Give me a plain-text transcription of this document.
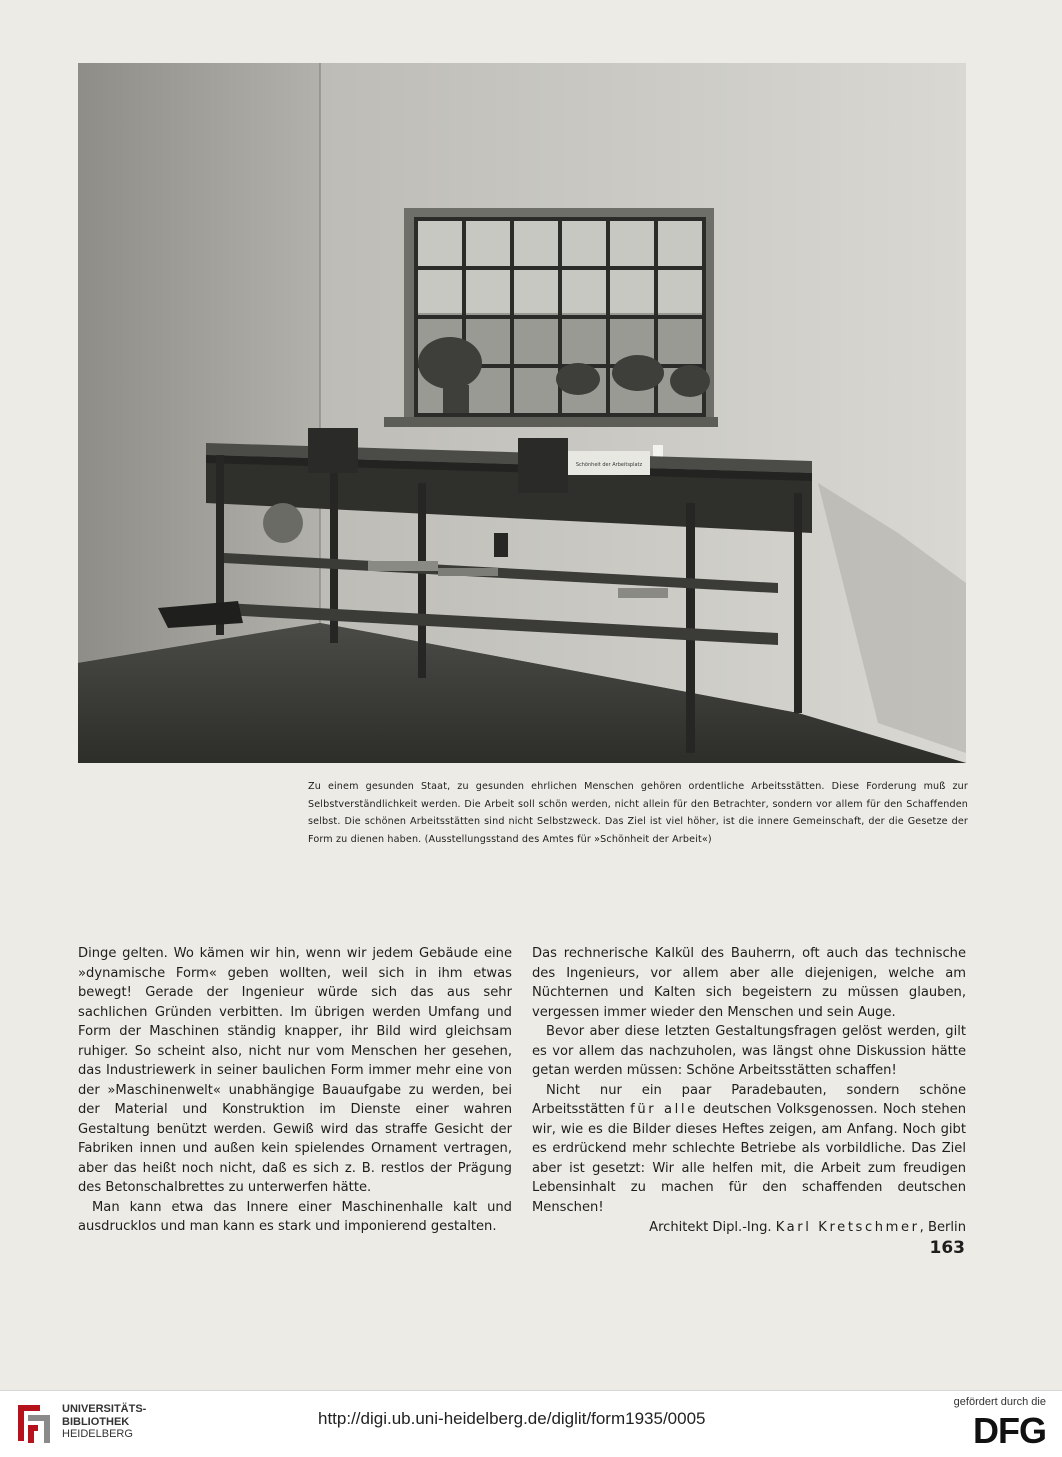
Schönheit der Arbeitsplatz
Zu einem gesunden Staat, zu gesunden ehrlichen Menschen gehören ordentliche Arbeitsstätten. Diese Forderung muß zur Selbstverständlichkeit werden. Die Arbeit soll schön werden, nicht allein für den Betrachter, sondern vor allem für den Schaffenden selbst. Die schönen Arbeitsstätten sind nicht Selbstzweck. Das Ziel ist viel höher, ist die innere Gemeinschaft, der die Gesetze der Form zu dienen haben. (Ausstellungsstand des Amtes für »Schönheit der Arbeit«)

Dinge gelten. Wo kämen wir hin, wenn wir jedem Gebäude eine »dynamische Form« geben wollten, weil sich in ihm etwas bewegt! Gerade der Ingenieur würde sich das aus sehr sachlichen Gründen verbitten. Im übrigen werden Umfang und Form der Maschinen ständig knapper, ihr Bild wird gleichsam ruhiger. So scheint also, nicht nur vom Menschen her gesehen, das Industriewerk in seiner baulichen Form immer mehr eine von der »Maschinenwelt« unabhängige Bauaufgabe zu werden, bei der Material und Konstruktion im Dienste einer wahren Gestaltung benützt werden. Gewiß wird das straffe Gesicht der Fabriken innen und außen kein spielendes Ornament vertragen, aber das heißt noch nicht, daß es sich z. B. restlos der Prägung des Betonschalbrettes zu unterwerfen hätte.

Man kann etwa das Innere einer Maschinenhalle kalt und ausdrucklos und man kann es stark und imponierend gestalten.

Das rechnerische Kalkül des Bauherrn, oft auch das technische des Ingenieurs, vor allem aber alle diejenigen, welche am Nüchternen und Kalten sich begeistern zu müssen glauben, vergessen immer wieder den Menschen und sein Auge.

Bevor aber diese letzten Gestaltungsfragen gelöst werden, gilt es vor allem das nachzuholen, was längst ohne Diskussion hätte getan werden müssen: Schöne Arbeitsstätten schaffen!

Nicht nur ein paar Paradebauten, sondern schöne Arbeitsstätten für alle deutschen Volksgenossen. Noch stehen wir, wie es die Bilder dieses Heftes zeigen, am Anfang. Noch gibt es erdrückend mehr schlechte Betriebe als vorbildliche. Das Ziel aber ist gesetzt: Wir alle helfen mit, die Arbeit zum freudigen Lebensinhalt zu machen für den schaffenden deutschen Menschen!

Architekt Dipl.-Ing. Karl Kretschmer, Berlin

163
UNIVERSITÄTS-
BIBLIOTHEK
HEIDELBERG
http://digi.ub.uni-heidelberg.de/diglit/form1935/0005
gefördert durch die
DFG
